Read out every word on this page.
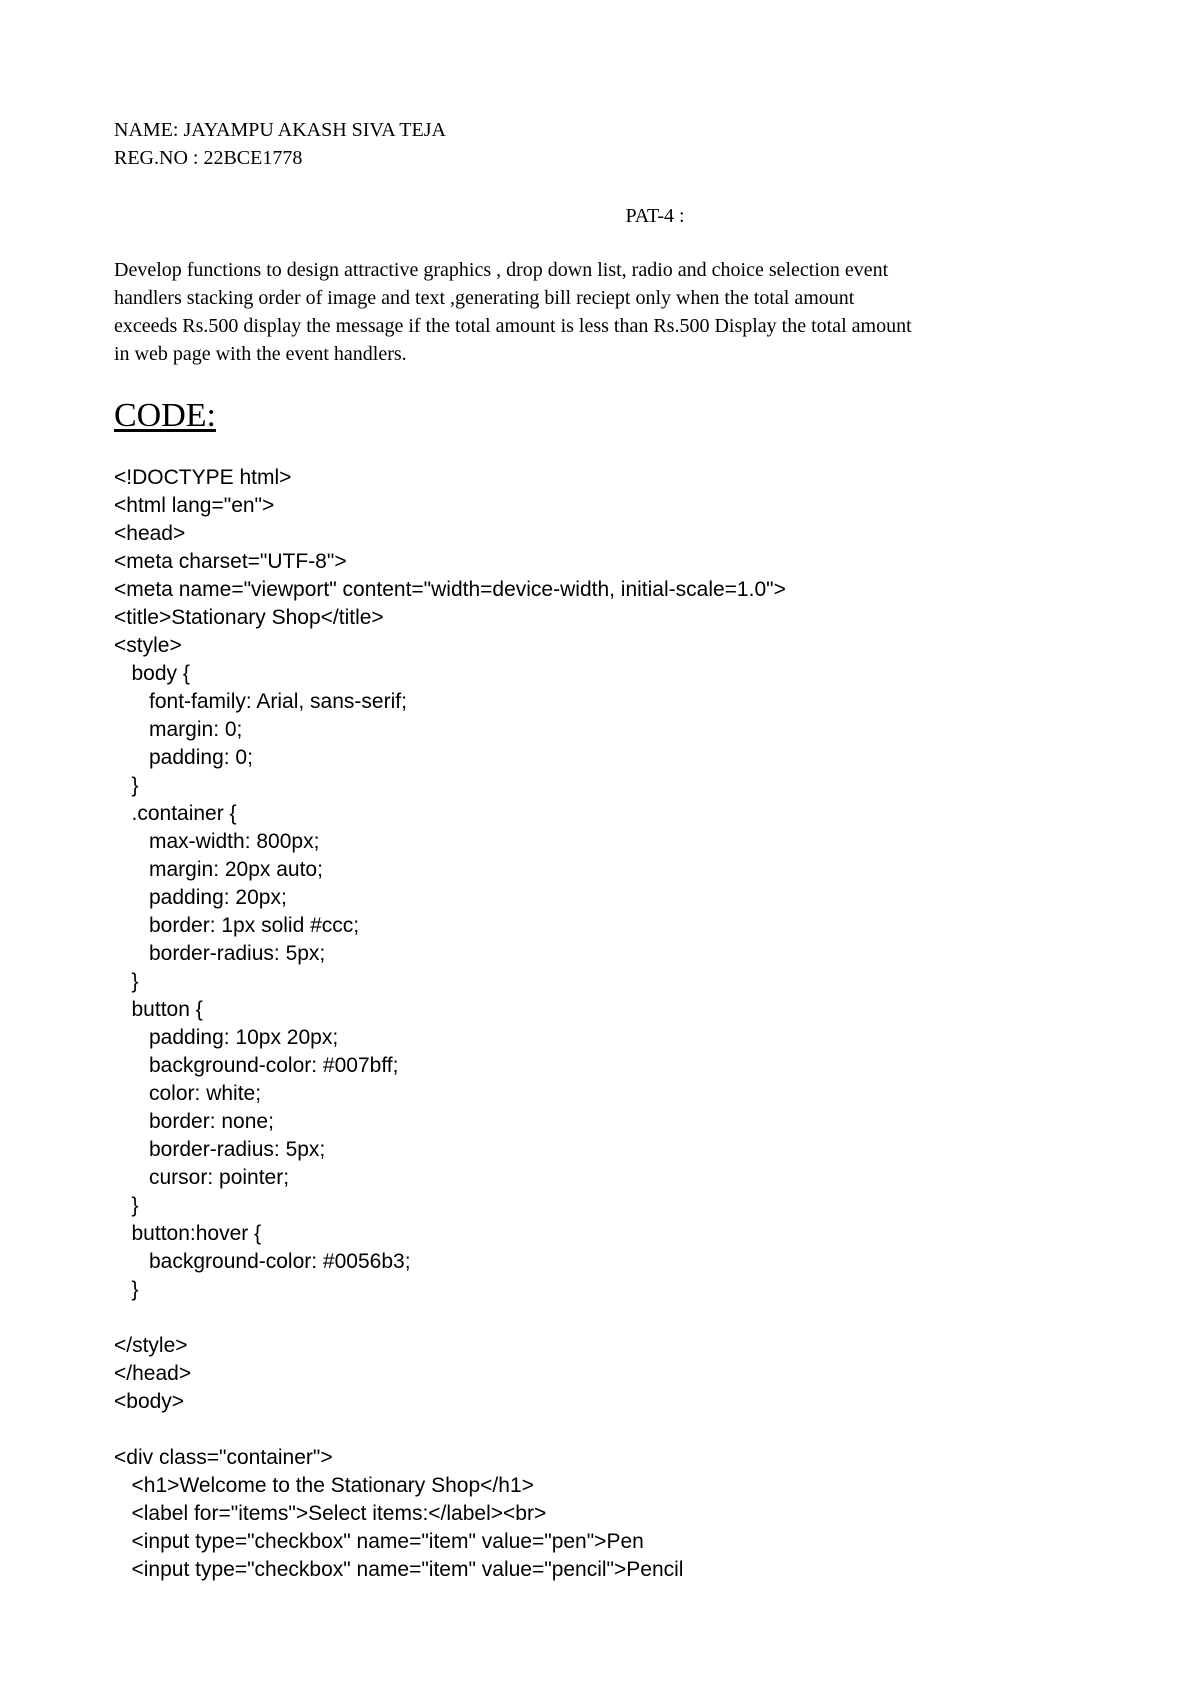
NAME: JAYAMPU AKASH SIVA TEJA
REG.NO : 22BCE1778
PAT-4 :
Develop functions to design attractive graphics , drop down list, radio and choice selection event
handlers stacking order of image and text ,generating bill reciept only when the total amount
exceeds Rs.500 display the message if the total amount is less than Rs.500 Display the total amount
in web page with the event handlers.
CODE:
<!DOCTYPE html>
<html lang="en">
<head>
<meta charset="UTF-8">
<meta name="viewport" content="width=device-width, initial-scale=1.0">
<title>Stationary Shop</title>
<style>
body {
font-family: Arial, sans-serif;
margin: 0;
padding: 0;
}
.container {
max-width: 800px;
margin: 20px auto;
padding: 20px;
border: 1px solid #ccc;
border-radius: 5px;
}
button {
padding: 10px 20px;
background-color: #007bff;
color: white;
border: none;
border-radius: 5px;
cursor: pointer;
}
button:hover {
background-color: #0056b3;
}
</style>
</head>
<body>
<div class="container">
<h1>Welcome to the Stationary Shop</h1>
<label for="items">Select items:</label><br>
<input type="checkbox" name="item" value="pen">Pen
<input type="checkbox" name="item" value="pencil">Pencil
